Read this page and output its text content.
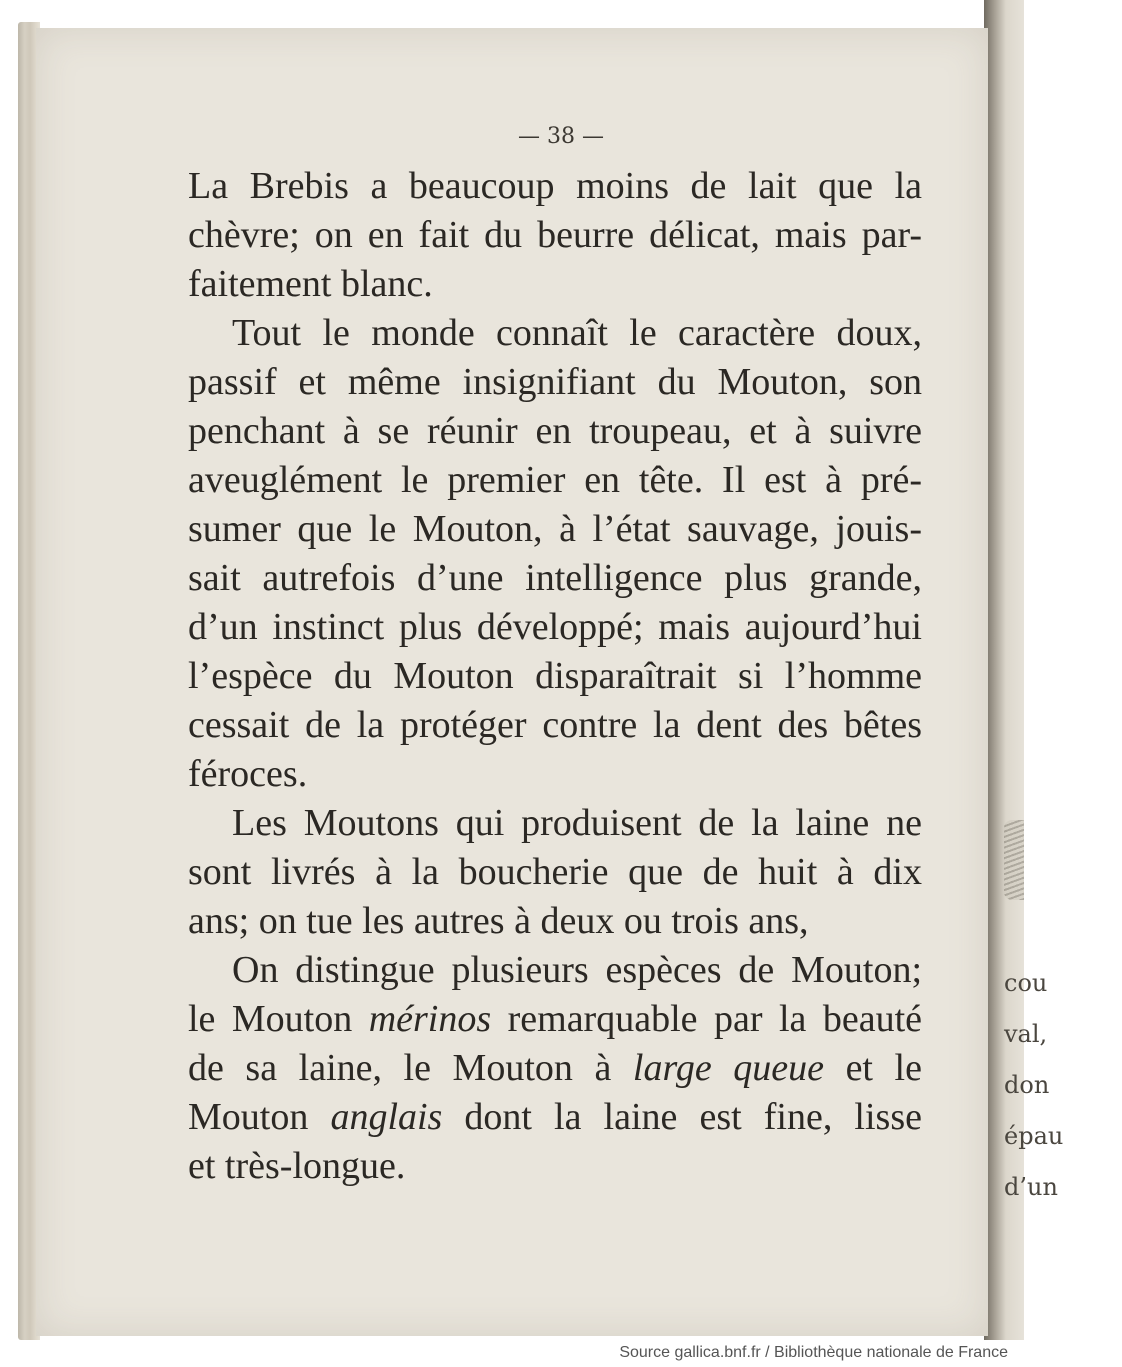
cou
val,
don
épau
d’un
— 38 —

La Brebis a beaucoup moins de lait que la
chèvre; on en fait du beurre délicat, mais par-
faitement blanc.

Tout le monde connaît le caractère doux,
passif et même insignifiant du Mouton, son
penchant à se réunir en troupeau, et à suivre
aveuglément le premier en tête. Il est à pré-
sumer que le Mouton, à l’état sauvage, jouis-
sait autrefois d’une intelligence plus grande,
d’un instinct plus développé; mais aujourd’hui
l’espèce du Mouton disparaîtrait si l’homme
cessait de la protéger contre la dent des bêtes
féroces.

Les Moutons qui produisent de la laine ne
sont livrés à la boucherie que de huit à dix
ans; on tue les autres à deux ou trois ans,

On distingue plusieurs espèces de Mouton;
le Mouton mérinos remarquable par la beauté
de sa laine, le Mouton à large queue et le
Mouton anglais dont la laine est fine, lisse
et très-longue.

Source gallica.bnf.fr / Bibliothèque nationale de France
